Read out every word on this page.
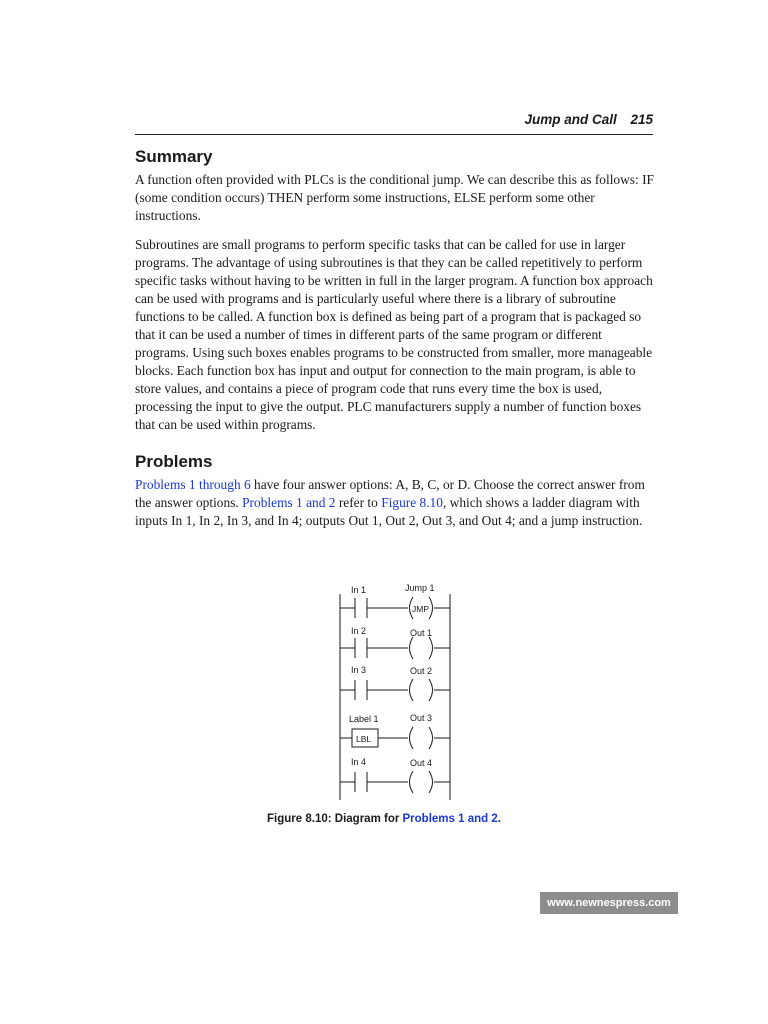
Jump and Call 215
Summary

A function often provided with PLCs is the conditional jump. We can describe this as follows: IF (some condition occurs) THEN perform some instructions, ELSE perform some other instructions.

Subroutines are small programs to perform specific tasks that can be called for use in larger programs. The advantage of using subroutines is that they can be called repetitively to perform specific tasks without having to be written in full in the larger program. A function box approach can be used with programs and is particularly useful where there is a library of subroutine functions to be called. A function box is defined as being part of a program that is packaged so that it can be used a number of times in different parts of the same program or different programs. Using such boxes enables programs to be constructed from smaller, more manageable blocks. Each function box has input and output for connection to the main program, is able to store values, and contains a piece of program code that runs every time the box is used, processing the input to give the output. PLC manufacturers supply a number of function boxes that can be used within programs.

Problems

Problems 1 through 6 have four answer options: A, B, C, or D. Choose the correct answer from the answer options. Problems 1 and 2 refer to Figure 8.10, which shows a ladder diagram with inputs In 1, In 2, In 3, and In 4; outputs Out 1, Out 2, Out 3, and Out 4; and a jump instruction.

In 1	Jump 1
JMP
In 2	Out 1
In 3	Out 2
Label 1	Out 3
LBL
In 4	Out 4
Figure 8.10: Diagram for Problems 1 and 2.
www.newnespress.com
